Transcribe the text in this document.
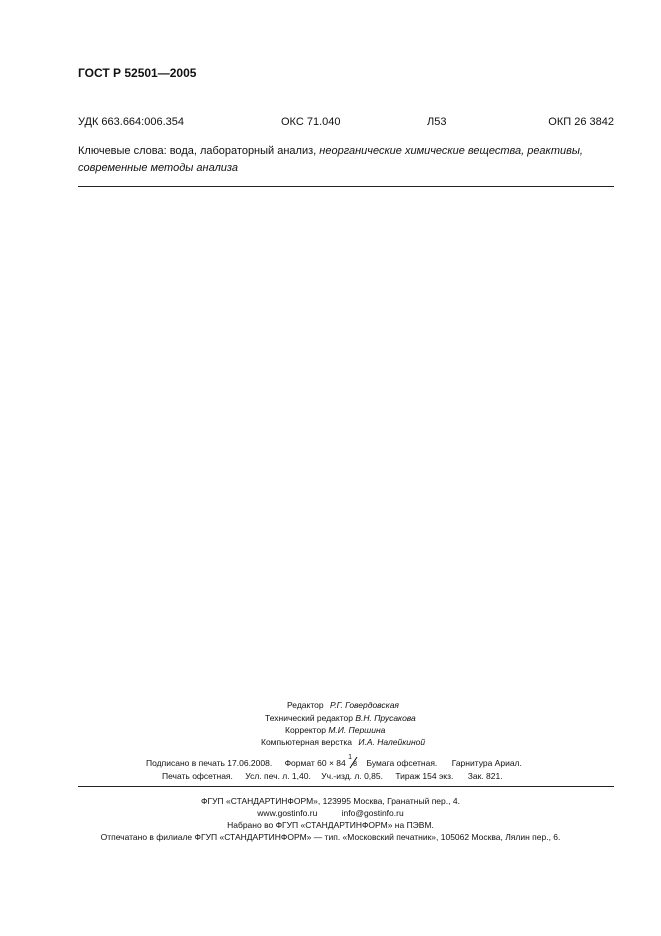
ГОСТ Р 52501—2005
УДК 663.664:006.354	ОКС 71.040	Л53	ОКП 26 3842
Ключевые слова: вода, лабораторный анализ, неорганические химические вещества, реактивы, современные методы анализа
Редактор Р.Г. Говердовская
Технический редактор В.Н. Прусакова
Корректор М.И. Першина
Компьютерная верстка И.А. Налейкиной
Подписано в печать 17.06.2008. Формат 60 × 84
1
8 Бумага офсетная. Гарнитура Ариал.
Печать офсетная. Усл. печ. л. 1,40. Уч.-изд. л. 0,85. Тираж 154 экз. Зак. 821.
ФГУП «СТАНДАРТИНФОРМ», 123995 Москва, Гранатный пер., 4.
www.gostinfo.ru	info@gostinfo.ru
Набрано во ФГУП «СТАНДАРТИНФОРМ» на ПЭВМ.
Отпечатано в филиале ФГУП «СТАНДАРТИНФОРМ» — тип. «Московский печатник», 105062 Москва, Лялин пер., 6.
